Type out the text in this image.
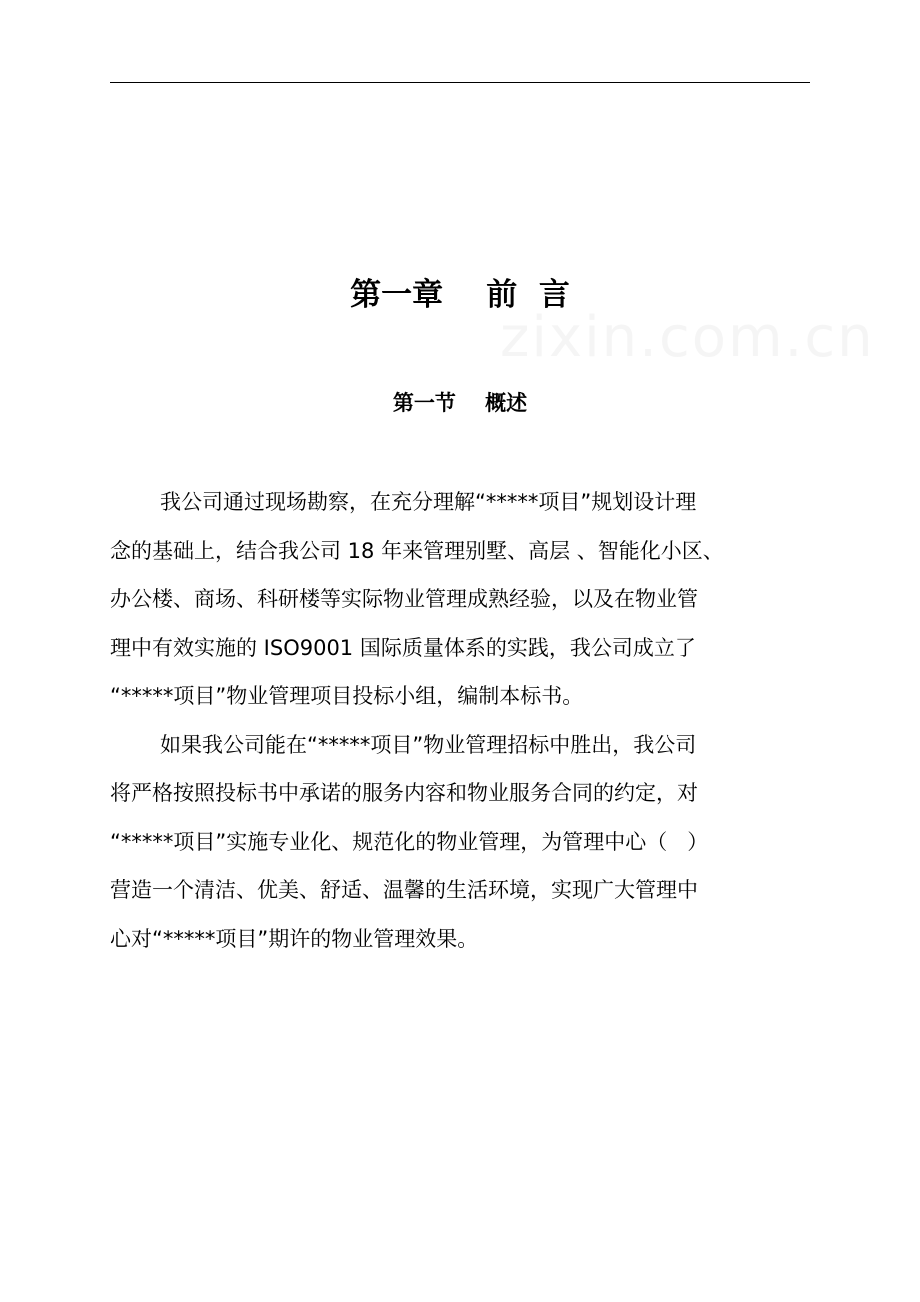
zixin.com.cn
第一章    前  言
第一节    概述
我公司通过现场勘察，在充分理解“*****项目”规划设计理
念的基础上，结合我公司 18 年来管理别墅、高层 、智能化小区、
办公楼、商场、科研楼等实际物业管理成熟经验，以及在物业管
理中有效实施的 ISO9001 国际质量体系的实践，我公司成立了
“*****项目”物业管理项目投标小组，编制本标书。
如果我公司能在“*****项目”物业管理招标中胜出，我公司
将严格按照投标书中承诺的服务内容和物业服务合同的约定，对
“*****项目”实施专业化、规范化的物业管理，为管理中心（   ）
营造一个清洁、优美、舒适、温馨的生活环境，实现广大管理中
心对“*****项目”期许的物业管理效果。
